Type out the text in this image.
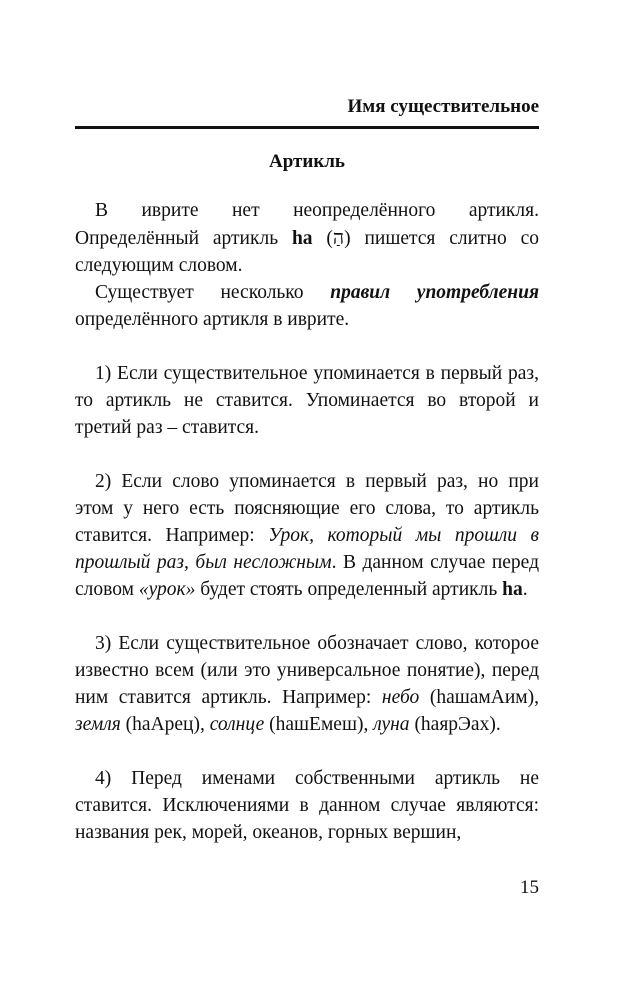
Имя существительное
Артикль

В иврите нет неопределённого артикля. Определённый артикль ha (הַ) пишется слитно со следующим словом.

Существует несколько правил употребления определённого артикля в иврите.

1) Если существительное упоминается в первый раз, то артикль не ставится. Упоминается во второй и третий раз – ставится.

2) Если слово упоминается в первый раз, но при этом у него есть поясняющие его слова, то артикль ставится. Например: Урок, который мы прошли в прошлый раз, был несложным. В данном случае перед словом «урок» будет стоять определенный артикль ha.

3) Если существительное обозначает слово, которое известно всем (или это универсальное понятие), перед ним ставится артикль. Например: небо (hашамАим), земля (haАрец), солнце (hашЕмеш), луна (hаярЭах).

4) Перед именами собственными артикль не ставится. Исключениями в данном случае являются: названия рек, морей, океанов, горных вершин,

15
